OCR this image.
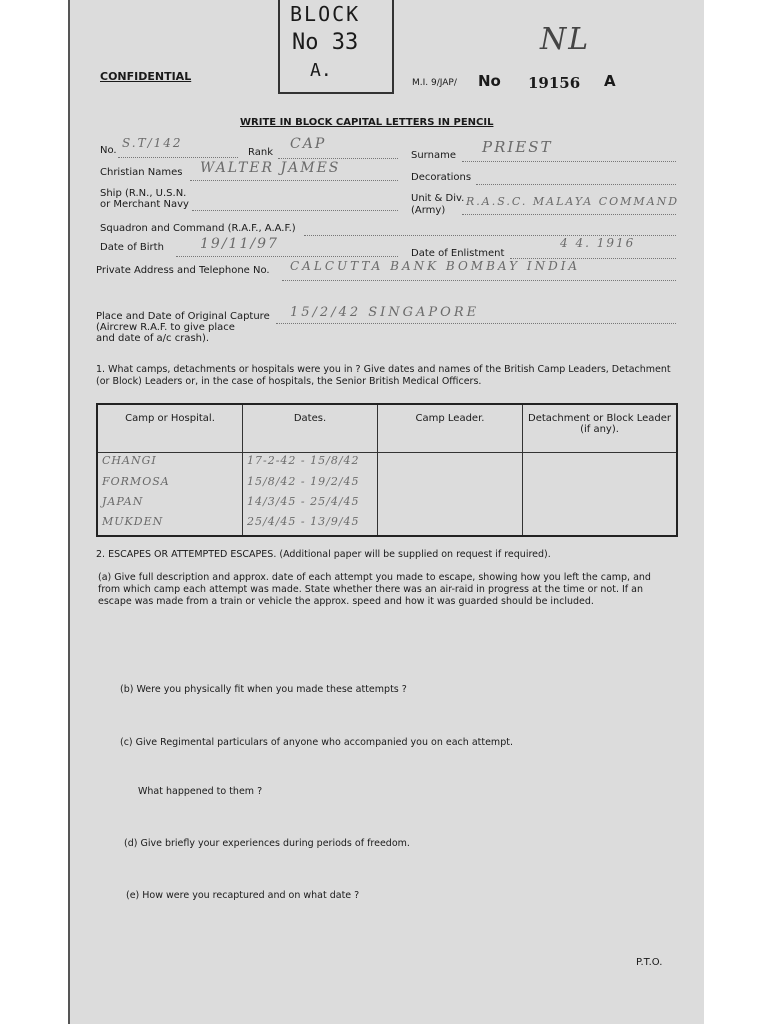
BLOCK
No 33
A.
CONFIDENTIAL	M.I. 9/JAP/ No 19156 A
NL
WRITE IN BLOCK CAPITAL LETTERS IN PENCIL
No.
S.T/142
Rank
CAP
Surname PRIEST
Christian Names WALTER JAMES
Decorations
Ship (R.N., U.S.N.
or Merchant Navy
Unit & Div.
(Army)
R.A.S.C. MALAYA COMMAND
Squadron and Command (R.A.F., A.A.F.)
Date of Birth	19/11/97
Date of Enlistment
4 4. 1916
Private Address and Telephone No. CALCUTTA BANK BOMBAY INDIA
Place and Date of Original Capture
(Aircrew R.A.F. to give place
and date of a/c crash).
15/2/42 SINGAPORE
1. What camps, detachments or hospitals were you in ? Give dates and names of the British Camp Leaders, Detachment
(or Block) Leaders or, in the case of hospitals, the Senior British Medical Officers.
Camp or Hospital.	Dates.	Camp Leader.	Detachment or Block Leader (if any).
CHANGI	17-2-42 - 15/8/42		
FORMOSA	15/8/42 - 19/2/45		
JAPAN	14/3/45 - 25/4/45		
MUKDEN	25/4/45 - 13/9/45		
2. ESCAPES OR ATTEMPTED ESCAPES. (Additional paper will be supplied on request if required).
(a) Give full description and approx. date of each attempt you made to escape, showing how you left the camp, and
from which camp each attempt was made. State whether there was an air-raid in progress at the time or not. If an
escape was made from a train or vehicle the approx. speed and how it was guarded should be included.
(b) Were you physically fit when you made these attempts ?
(c) Give Regimental particulars of anyone who accompanied you on each attempt.
What happened to them ?
(d) Give briefly your experiences during periods of freedom.
(e) How were you recaptured and on what date ?
P.T.O.
